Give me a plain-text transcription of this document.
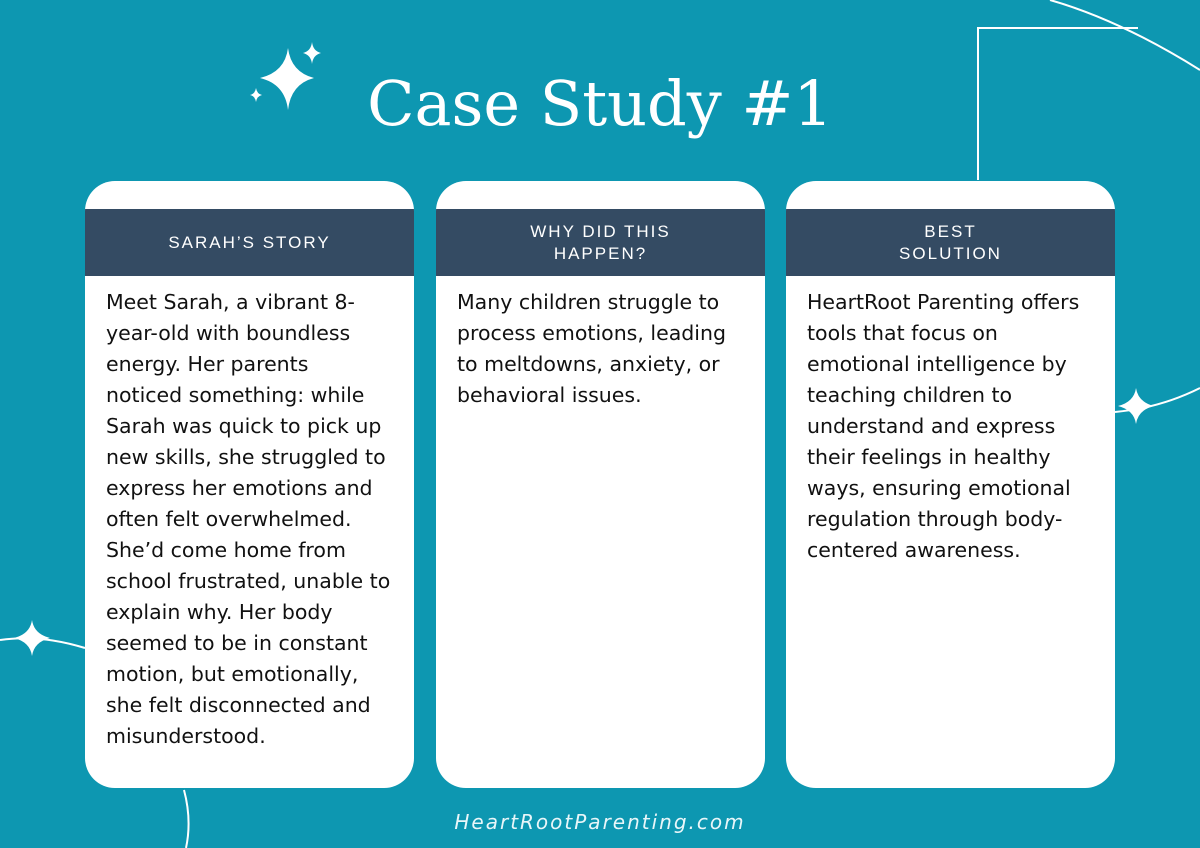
Case Study #1
SARAH’S STORY

Meet Sarah, a vibrant 8-year-old with boundless energy. Her parents noticed something: while Sarah was quick to pick up new skills, she struggled to express her emotions and often felt overwhelmed. She’d come home from school frustrated, unable to explain why. Her body seemed to be in constant motion, but emotionally, she felt disconnected and misunderstood.

WHY DID THIS HAPPEN?

Many children struggle to process emotions, leading to meltdowns, anxiety, or behavioral issues.

BEST SOLUTION

HeartRoot Parenting offers tools that focus on emotional intelligence by teaching children to understand and express their feelings in healthy ways, ensuring emotional regulation through body-centered awareness.

HeartRootParenting.com
